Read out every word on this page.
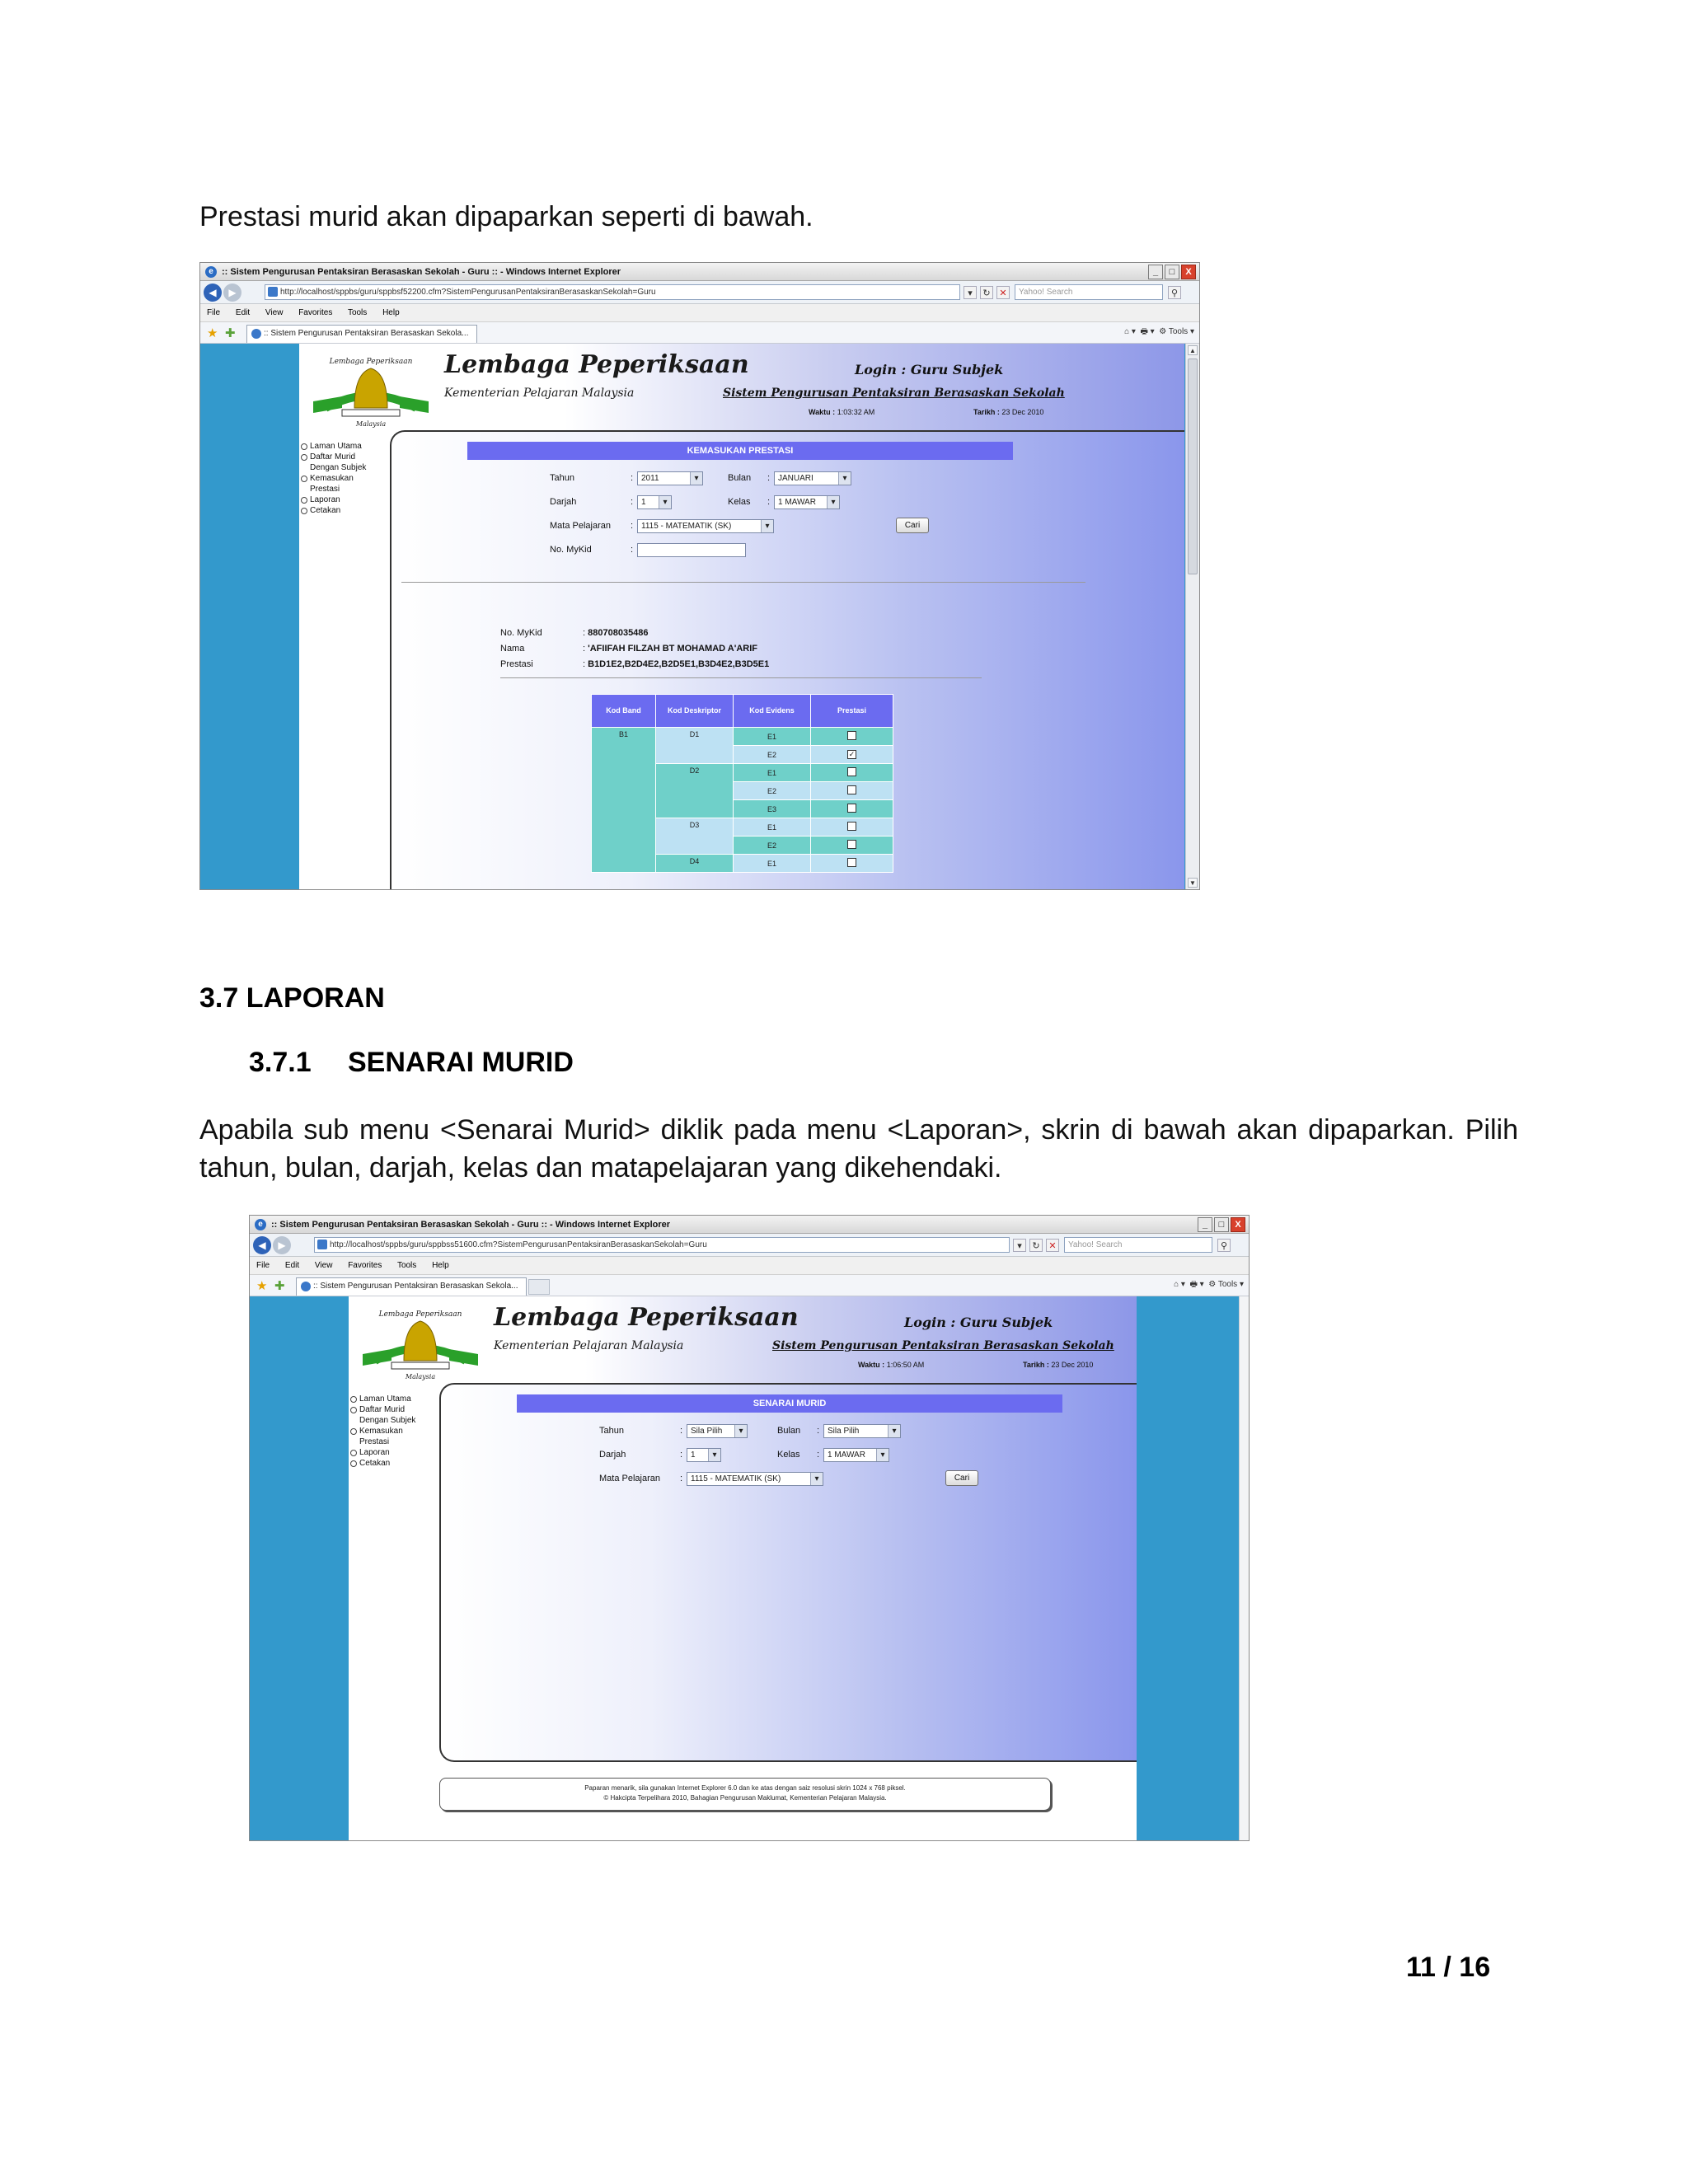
Prestasi murid akan dipaparkan seperti di bawah.
e :: Sistem Pengurusan Pentaksiran Berasaskan Sekolah - Guru :: - Windows Internet Explorer	_	□	X
◀	▶	http://localhost/sppbs/guru/sppbsf52200.cfm?SistemPengurusanPentaksiranBerasaskanSekolah=Guru	▾	↻ ✕	Yahoo! Search	⚲
File Edit View Favorites Tools Help
★ ✚	:: Sistem Pengurusan Pentaksiran Berasaskan Sekola...	⌂ ▾  🖶 ▾  ⚙ Tools ▾
Lembaga Peperiksaan
Malaysia
Lembaga Peperiksaan
Kementerian Pelajaran Malaysia
Login : Guru Subjek
Sistem Pengurusan Pentaksiran Berasaskan Sekolah
Waktu : 1:03:32 AM	Tarikh : 23 Dec 2010
Laman Utama
Daftar Murid
Dengan Subjek
Kemasukan
Prestasi
Laporan
Cetakan
KEMASUKAN PRESTASI
Tahun	: 2011 ▾	Bulan : JANUARI ▾
Darjah	: 1 ▾	Kelas : 1 MAWAR ▾
Mata Pelajaran : 1115 - MATEMATIK (SK) ▾	Cari
No. MyKid	:
No. MyKid	: 880708035486
Nama	: 'AFIIFAH FILZAH BT MOHAMAD A'ARIF
Prestasi	: B1D1E2,B2D4E2,B2D5E1,B3D4E2,B3D5E1
Kod Band	Kod Deskriptor	Kod Evidens	Prestasi
B1	D1	E1	
		E2	✓
	D2	E1	
		E2	
		E3	
	D3	E1	
		E2	
	D4	E1	
▲
▼
3.7 LAPORAN
3.7.1 SENARAI MURID
Apabila sub menu <Senarai Murid> diklik pada menu <Laporan>, skrin di bawah akan dipaparkan. Pilih
tahun, bulan, darjah, kelas dan matapelajaran yang dikehendaki.
e :: Sistem Pengurusan Pentaksiran Berasaskan Sekolah - Guru :: - Windows Internet Explorer	_	□	X
◀	▶	http://localhost/sppbs/guru/sppbss51600.cfm?SistemPengurusanPentaksiranBerasaskanSekolah=Guru	▾	↻ ✕	Yahoo! Search	⚲
File Edit View Favorites Tools Help
★ ✚	:: Sistem Pengurusan Pentaksiran Berasaskan Sekola...	⌂ ▾  🖶 ▾  ⚙ Tools ▾
Lembaga Peperiksaan
Malaysia
Lembaga Peperiksaan
Kementerian Pelajaran Malaysia
Login : Guru Subjek
Sistem Pengurusan Pentaksiran Berasaskan Sekolah
Waktu : 1:06:50 AM	Tarikh : 23 Dec 2010
Laman Utama
Daftar Murid
Dengan Subjek
Kemasukan
Prestasi
Laporan
Cetakan
SENARAI MURID
Tahun	: Sila Pilih ▾	Bulan : Sila Pilih ▾
Darjah	: 1 ▾	Kelas : 1 MAWAR ▾
Mata Pelajaran : 1115 - MATEMATIK (SK) ▾	Cari
Paparan menarik, sila gunakan Internet Explorer 6.0 dan ke atas dengan saiz resolusi skrin 1024 x 768 piksel.
© Hakcipta Terpelihara 2010, Bahagian Pengurusan Maklumat, Kementerian Pelajaran Malaysia.
11 / 16
